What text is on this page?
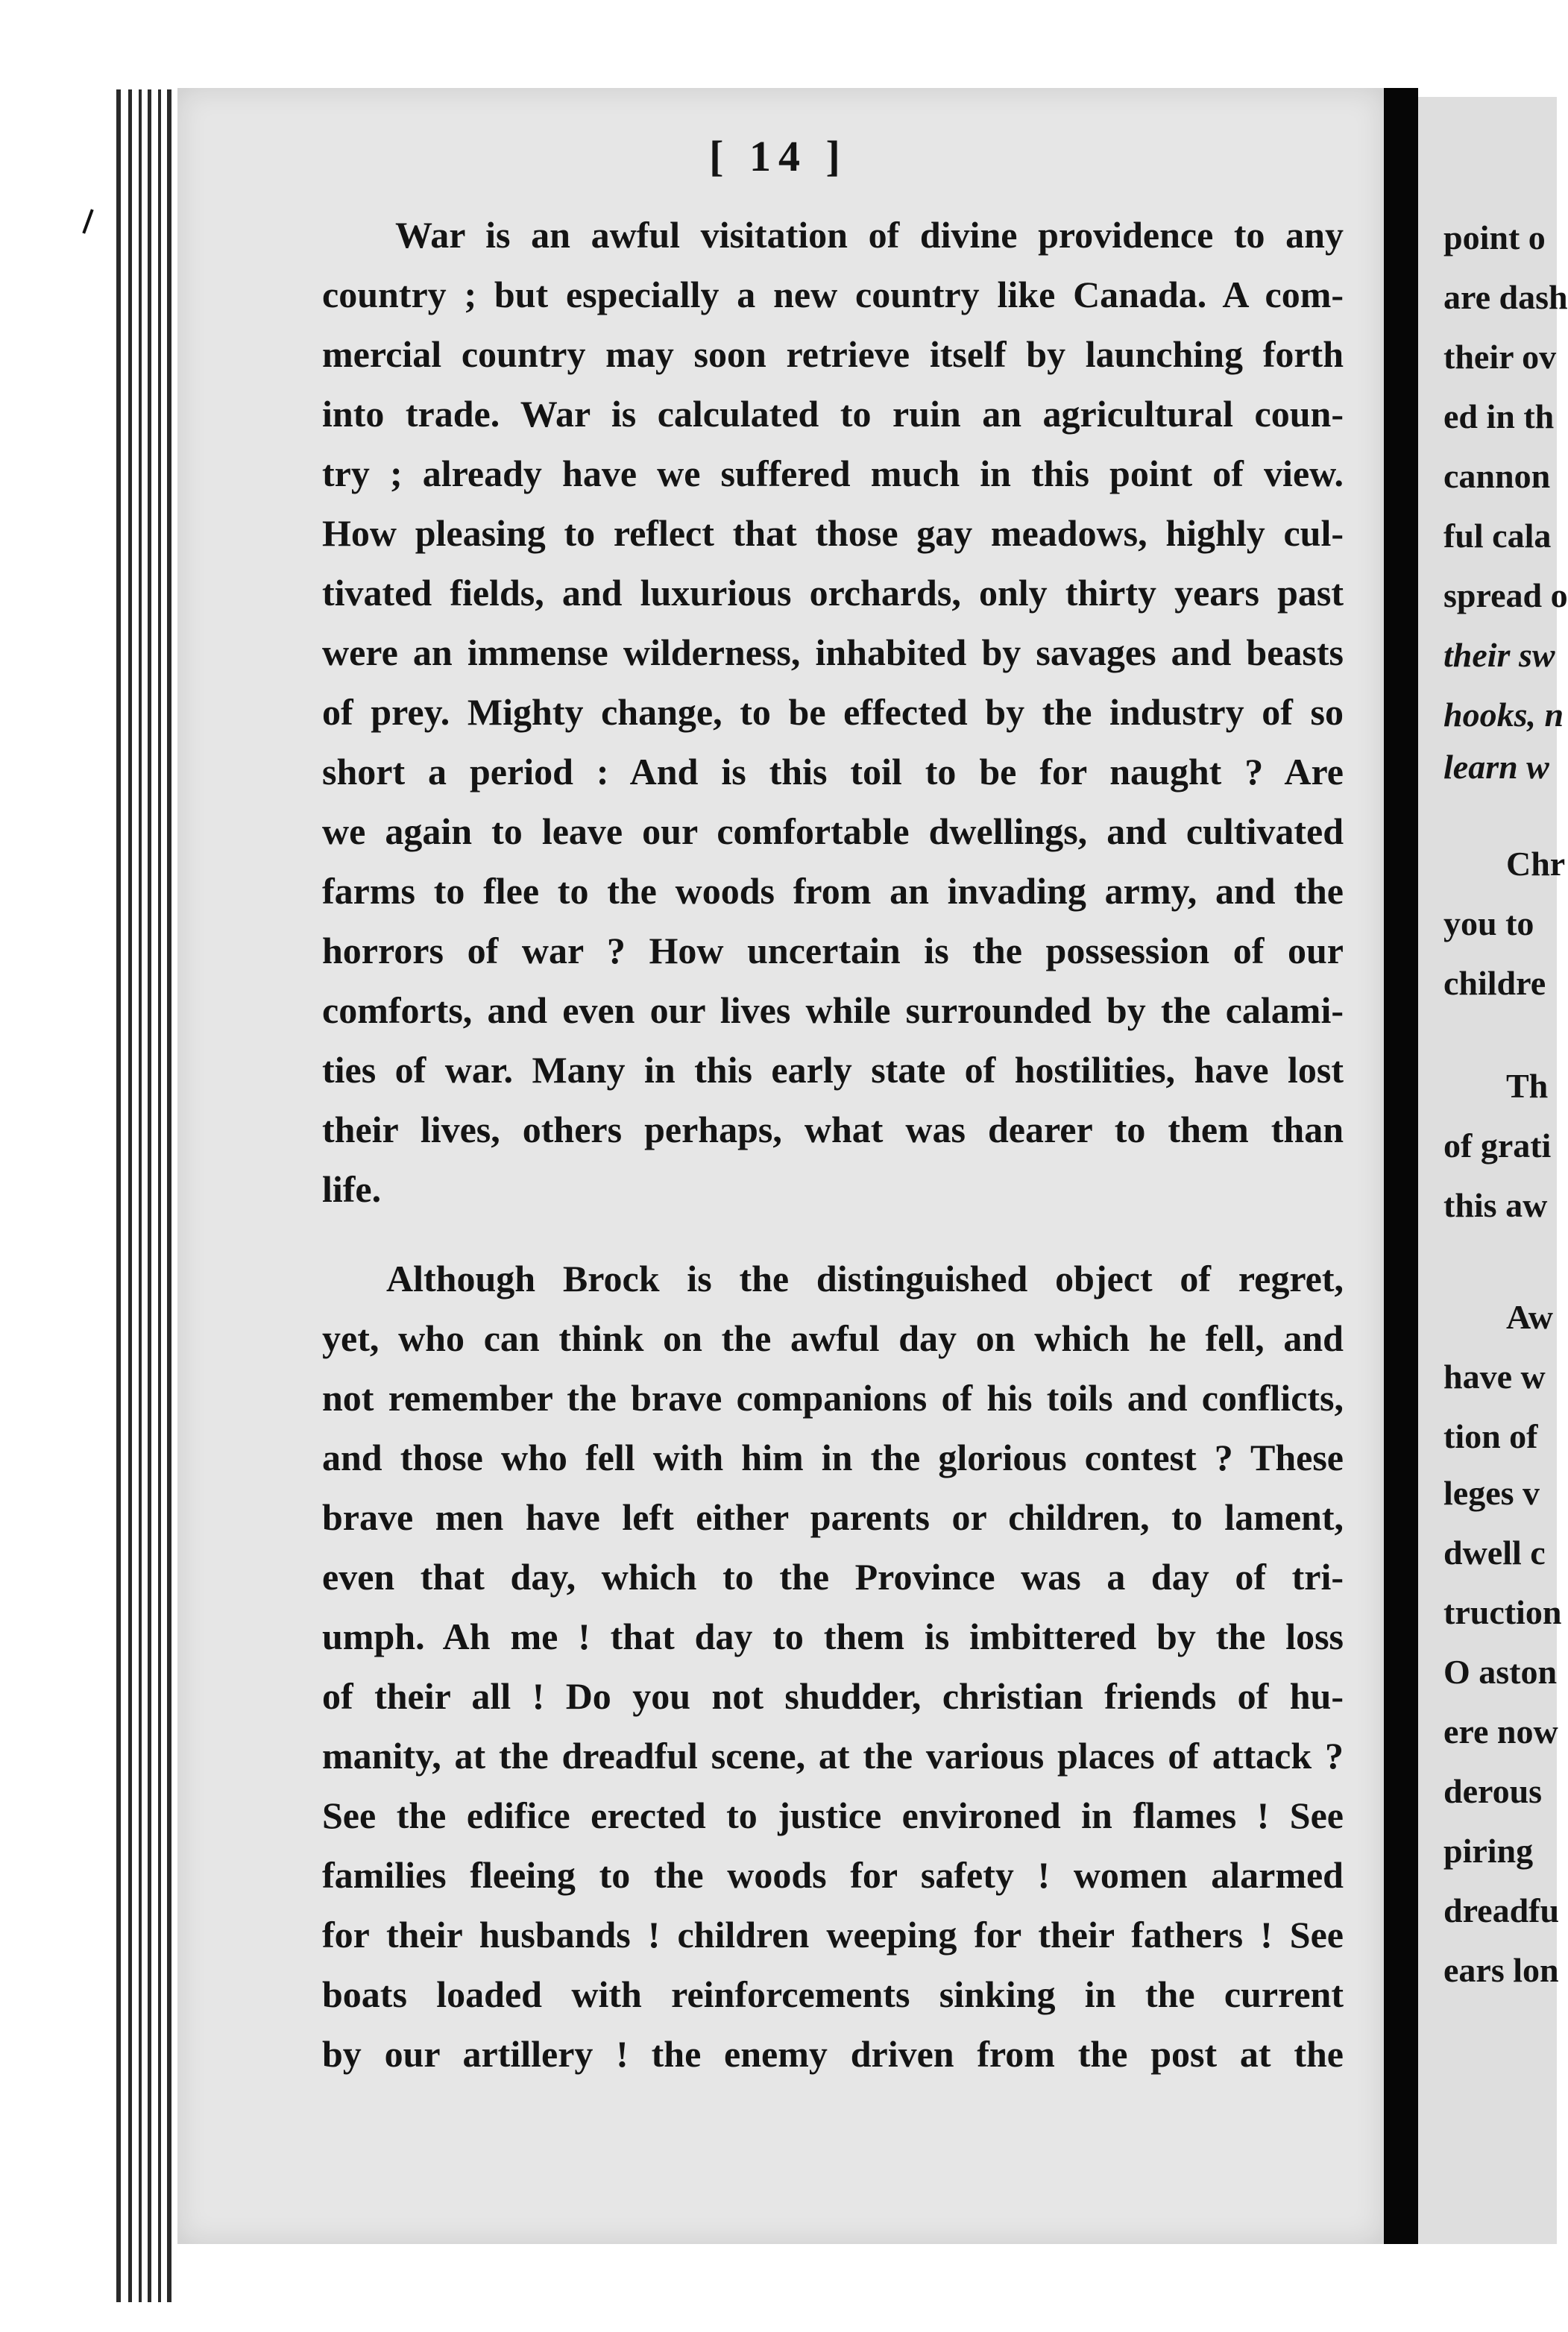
[ 14 ]
War is an awful visitation of divine providence to any
country ; but especially a new country like Canada. A com-
mercial country may soon retrieve itself by launching forth
into trade. War is calculated to ruin an agricultural coun-
try ; already have we suffered much in this point of view.
How pleasing to reflect that those gay meadows, highly cul-
tivated fields, and luxurious orchards, only thirty years past
were an immense wilderness, inhabited by savages and beasts
of prey. Mighty change, to be effected by the industry of so
short a period : And is this toil to be for naught ? Are
we again to leave our comfortable dwellings, and cultivated
farms to flee to the woods from an invading army, and the
horrors of war ? How uncertain is the possession of our
comforts, and even our lives while surrounded by the calami-
ties of war. Many in this early state of hostilities, have lost
their lives, others perhaps, what was dearer to them than
life.
Although Brock is the distinguished object of regret,
yet, who can think on the awful day on which he fell, and
not remember the brave companions of his toils and conflicts,
and those who fell with him in the glorious contest ? These
brave men have left either parents or children, to lament,
even that day, which to the Province was a day of tri-
umph. Ah me ! that day to them is imbittered by the loss
of their all ! Do you not shudder, christian friends of hu-
manity, at the dreadful scene, at the various places of attack ?
See the edifice erected to justice environed in flames ! See
families fleeing to the woods for safety ! women alarmed
for their husbands ! children weeping for their fathers ! See
boats loaded with reinforcements sinking in the current
by our artillery ! the enemy driven from the post at the
point o
are dash
their ov
ed in th
cannon
ful cala
spread o
their sw
hooks, n
learn w
Chr
you to
childre
Th
of grati
this aw
Aw
have w
tion of
leges v
dwell c
truction
O aston
ere now
derous
piring
dreadfu
ears lon
